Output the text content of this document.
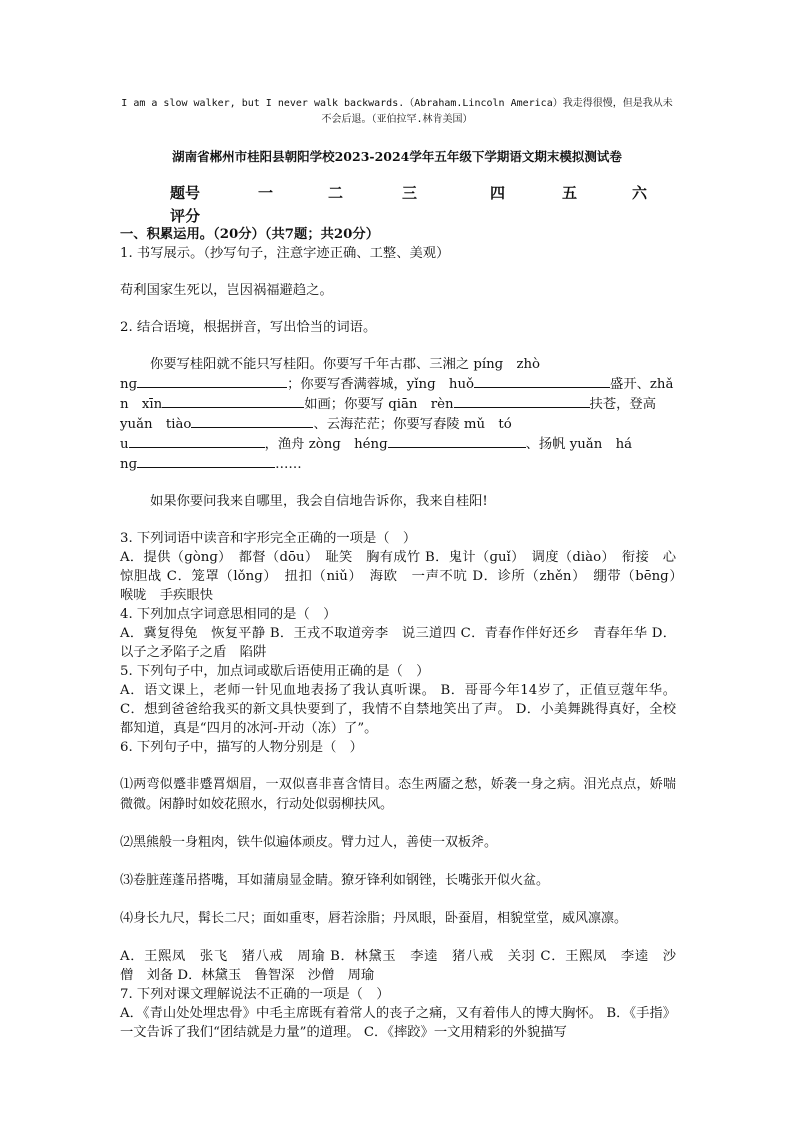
I am a slow walker, but I never walk backwards.（Abraham.Lincoln America）我走得很慢，但是我从未
不会后退。（亚伯拉罕.林肯美国）
湖南省郴州市桂阳县朝阳学校2023-2024学年五年级下学期语文期末模拟测试卷
题号	一	二	三	四	五	六
评分

一、积累运用。（20分）（共7题；共20分）

1. 书写展示。（抄写句子，注意字迹正确、工整、美观）

苟利国家生死以，岂因祸福避趋之。

2. 结合语境，根据拼音，写出恰当的词语。

你要写桂阳就不能只写桂阳。你要写千年古郡、三湘之 pínɡ　zhò

nɡ	；你要写香满蓉城，yǐnɡ　huǒ	盛开、zhǎ

n　xīn	如画；你要写 qiān　rèn	扶苍，登高

yuǎn　tiào	、云海茫茫；你要写舂陵 mǔ　tó

u	，渔舟 zònɡ　hénɡ	、扬帆 yuǎn　há

nɡ	……

如果你要问我来自哪里，我会自信地告诉你，我来自桂阳!

3. 下列词语中读音和字形完全正确的一项是（　）

A．提供（ɡònɡ）　都督（dōu）　耻笑　胸有成竹 B．鬼计（ɡuǐ）　调度（diào）　衔接　心惊胆战 C．笼罩（lǒnɡ）　扭扣（niǔ）　海欧　一声不吭 D．诊所（zhěn）　绷带（bēnɡ）　喉咙　手疾眼快

4. 下列加点字词意思相同的是（　）

A．冀复得兔　恢复平静 B．王戎不取道旁李　说三道四 C．青春作伴好还乡　青春年华 D．以子之矛陷子之盾　陷阱

5. 下列句子中，加点词或歇后语使用正确的是（　）

A．语文课上，老师一针见血地表扬了我认真听课。 B．哥哥今年14岁了，正值豆蔻年华。 C．想到爸爸给我买的新文具快要到了，我情不自禁地笑出了声。 D．小美舞跳得真好，全校都知道，真是“四月的冰河-开动（冻）了”。

6. 下列句子中，描写的人物分别是（　）

⑴两弯似蹙非蹙罥烟眉，一双似喜非喜含情目。态生两靥之愁，娇袭一身之病。泪光点点，娇喘微微。闲静时如姣花照水，行动处似弱柳扶风。

⑵黑熊般一身粗肉，铁牛似遍体顽皮。臂力过人，善使一双板斧。

⑶卷脏莲蓬吊搭嘴，耳如蒲扇显金睛。獠牙锋利如钢锉，长嘴张开似火盆。

⑷身长九尺，髯长二尺；面如重枣，唇若涂脂；丹凤眼，卧蚕眉，相貌堂堂，威风凛凛。

A．王熙凤　张飞　猪八戒　周瑜 B．林黛玉　李逵　猪八戒　关羽 C．王熙凤　李逵　沙　僧　刘备 D．林黛玉　鲁智深　沙僧　周瑜

7. 下列对课文理解说法不正确的一项是（　）

A．《青山处处埋忠骨》中毛主席既有着常人的丧子之痛，又有着伟人的博大胸怀。 B．《手指》一文告诉了我们“团结就是力量”的道理。 C．《摔跤》一文用精彩的外貌描写
